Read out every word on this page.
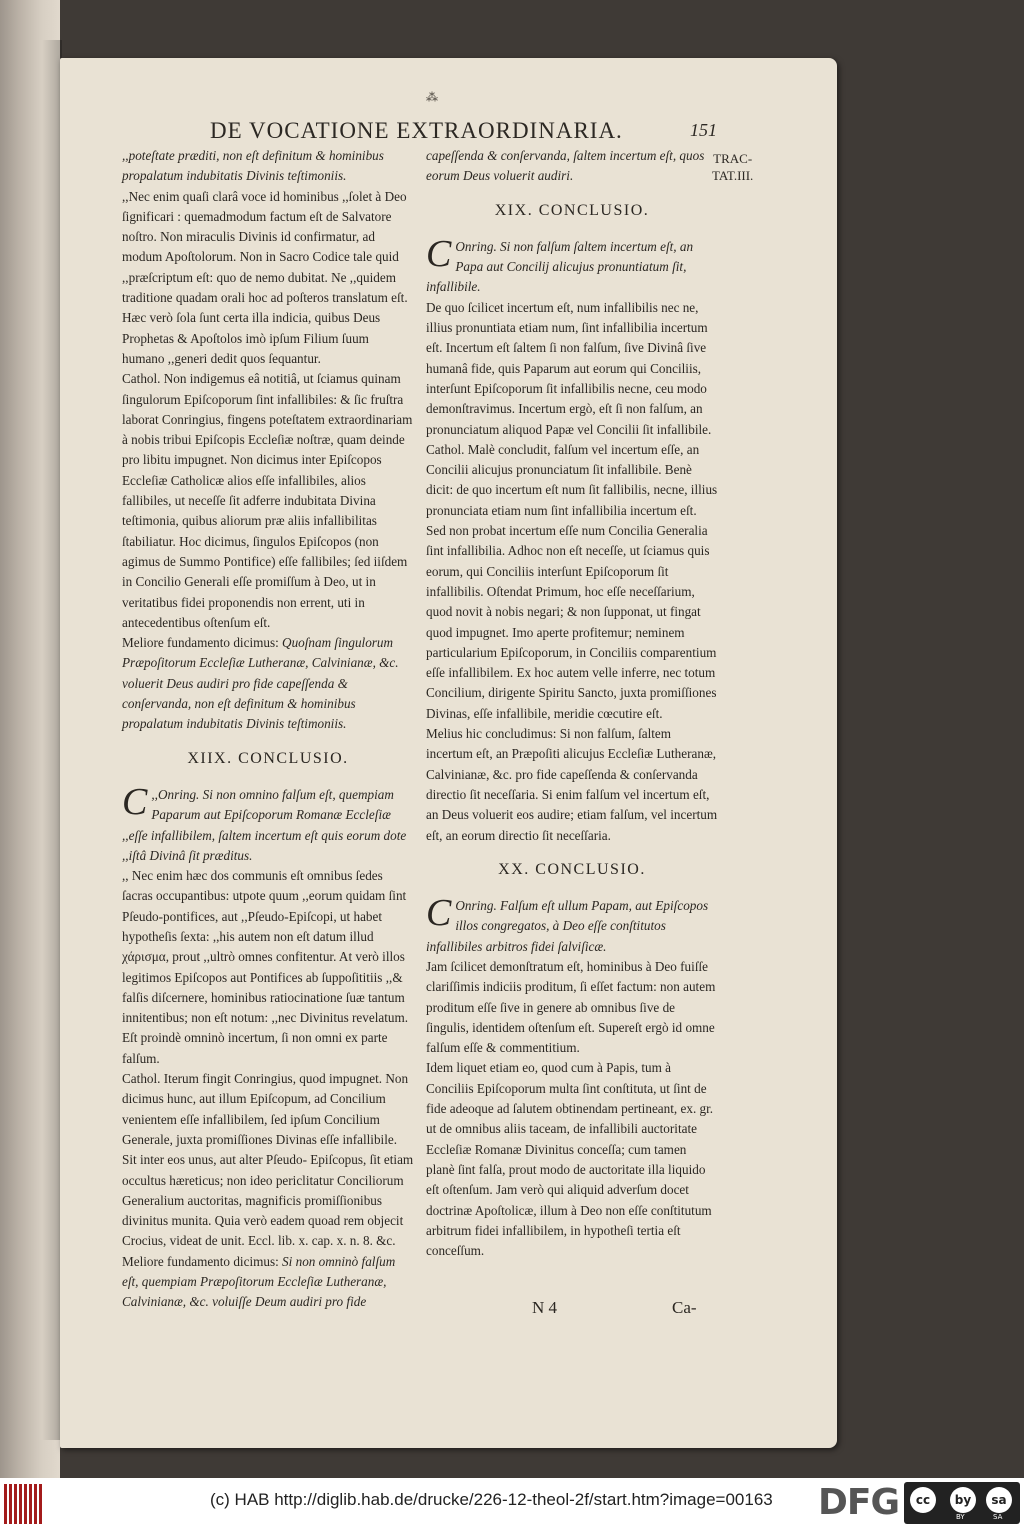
⁂
DE VOCATIONE EXTRAORDINARIA.	151
TRAC-
TAT.III.

,,poteſtate præditi, non eſt definitum & hominibus propalatum indubitatis Divinis teſtimoniis.

,,Nec enim quaſi clarâ voce id hominibus ,,ſolet à Deo ſignificari : quemadmodum factum eſt de Salvatore noſtro. Non miraculis Divinis id confirmatur, ad modum Apoſtolorum. Non in Sacro Codice tale quid ,,præſcriptum eſt: quo de nemo dubitat. Ne ,,quidem traditione quadam orali hoc ad poſteros translatum eſt. Hæc verò ſola ſunt certa illa indicia, quibus Deus Prophetas & Apoſtolos imò ipſum Filium ſuum humano ,,generi dedit quos ſequantur.

Cathol. Non indigemus eâ notitiâ, ut ſciamus quinam ſingulorum Epiſcoporum ſint infallibiles: & ſic fruſtra laborat Conringius, fingens poteſtatem extraordinariam à nobis tribui Epiſcopis Eccleſiæ noſtræ, quam deinde pro libitu impugnet. Non dicimus inter Epiſcopos Eccleſiæ Catholicæ alios eſſe infallibiles, alios fallibiles, ut neceſſe ſit adferre indubitata Divina teſtimonia, quibus aliorum præ aliis infallibilitas ſtabiliatur. Hoc dicimus, ſingulos Epiſcopos (non agimus de Summo Pontifice) eſſe fallibiles; ſed iiſdem in Concilio Generali eſſe promiſſum à Deo, ut in veritatibus fidei proponendis non errent, uti in antecedentibus oſtenſum eſt.

Meliore fundamento dicimus: Quoſnam ſingulorum Præpoſitorum Eccleſiæ Lutheranæ, Calvinianæ, &c. voluerit Deus audiri pro fide capeſſenda & conſervanda, non eſt definitum & hominibus propalatum indubitatis Divinis teſtimoniis.

XIIX. CONCLUSIO.

C ,,Onring. Si non omnino falſum eſt, quempiam Paparum aut Epiſcoporum Romanæ Eccleſiæ ,,eſſe infallibilem, ſaltem incertum eſt quis eorum dote ,,iſtâ Divinâ ſit præditus.

,, Nec enim hæc dos communis eſt omnibus ſedes ſacras occupantibus: utpote quum ,,eorum quidam ſint Pſeudo-pontifices, aut ,,Pſeudo-Epiſcopi, ut habet hypotheſis ſexta: ,,his autem non eſt datum illud χάρισμα, prout ,,ultrò omnes confitentur. At verò illos legitimos Epiſcopos aut Pontifices ab ſuppoſititiis ,,& falſis diſcernere, hominibus ratiocinatione ſuæ tantum innitentibus; non eſt notum: ,,nec Divinitus revelatum. Eſt proindè omninò incertum, ſi non omni ex parte falſum.

Cathol. Iterum fingit Conringius, quod impugnet. Non dicimus hunc, aut illum Epiſcopum, ad Concilium venientem eſſe infallibilem, ſed ipſum Concilium Generale, juxta promiſſiones Divinas eſſe infallibile. Sit inter eos unus, aut alter Pſeudo- Epiſcopus, ſit etiam occultus hæreticus; non ideo periclitatur Conciliorum Generalium auctoritas, magnificis promiſſionibus divinitus munita. Quia verò eadem quoad rem objecit Crocius, videat de unit. Eccl. lib. x. cap. x. n. 8. &c.

Meliore fundamento dicimus: Si non omninò falſum eſt, quempiam Præpoſitorum Eccleſiæ Lutheranæ, Calvinianæ, &c. voluiſſe Deum audiri pro fide

capeſſenda & conſervanda, ſaltem incertum eſt, quos eorum Deus voluerit audiri.

XIX. CONCLUSIO.

C Onring. Si non falſum ſaltem incertum eſt, an Papa aut Concilij alicujus pronuntiatum ſit, infallibile.

De quo ſcilicet incertum eſt, num infallibilis nec ne, illius pronuntiata etiam num, ſint infallibilia incertum eſt. Incertum eſt ſaltem ſi non falſum, ſive Divinâ ſive humanâ fide, quis Paparum aut eorum qui Conciliis, interſunt Epiſcoporum ſit infallibilis necne, ceu modo demonſtravimus. Incertum ergò, eſt ſi non falſum, an pronunciatum aliquod Papæ vel Concilii ſit infallibile.

Cathol. Malè concludit, falſum vel incertum eſſe, an Concilii alicujus pronunciatum ſit infallibile. Benè dicit: de quo incertum eſt num ſit fallibilis, necne, illius pronunciata etiam num ſint infallibilia incertum eſt. Sed non probat incertum eſſe num Concilia Generalia ſint infallibilia. Adhoc non eſt neceſſe, ut ſciamus quis eorum, qui Conciliis interſunt Epiſcoporum ſit infallibilis. Oſtendat Primum, hoc eſſe neceſſarium, quod novit à nobis negari; & non ſupponat, ut fingat quod impugnet. Imo aperte profitemur; neminem particularium Epiſcoporum, in Conciliis comparentium eſſe infallibilem. Ex hoc autem velle inferre, nec totum Concilium, dirigente Spiritu Sancto, juxta promiſſiones Divinas, eſſe infallibile, meridie cœcutire eſt.

Melius hic concludimus: Si non falſum, ſaltem incertum eſt, an Præpoſiti alicujus Eccleſiæ Lutheranæ, Calvinianæ, &c. pro fide capeſſenda & conſervanda directio ſit neceſſaria. Si enim falſum vel incertum eſt, an Deus voluerit eos audire; etiam falſum, vel incertum eſt, an eorum directio ſit neceſſaria.

XX. CONCLUSIO.

C Onring. Falſum eſt ullum Papam, aut Epiſcopos illos congregatos, à Deo eſſe conſtitutos infallibiles arbitros fidei ſalviſicæ.

Jam ſcilicet demonſtratum eſt, hominibus à Deo fuiſſe clariſſimis indiciis proditum, ſi eſſet factum: non autem proditum eſſe ſive in genere ab omnibus ſive de ſingulis, identidem oſtenſum eſt. Supereſt ergò id omne falſum eſſe & commentitium.

Idem liquet etiam eo, quod cum à Papis, tum à Conciliis Epiſcoporum multa ſint conſtituta, ut ſint de fide adeoque ad ſalutem obtinendam pertineant, ex. gr. ut de omnibus aliis taceam, de infallibili auctoritate Eccleſiæ Romanæ Divinitus conceſſa; cum tamen planè ſint falſa, prout modo de auctoritate illa liquido eſt oſtenſum. Jam verò qui aliquid adverſum docet doctrinæ Apoſtolicæ, illum à Deo non eſſe conſtitutum arbitrum fidei infallibilem, in hypotheſi tertia eſt conceſſum.

N 4	Ca-
(c) HAB http://diglib.hab.de/drucke/226-12-theol-2f/start.htm?image=00163 DFG	cc	by	sa
BY	SA
